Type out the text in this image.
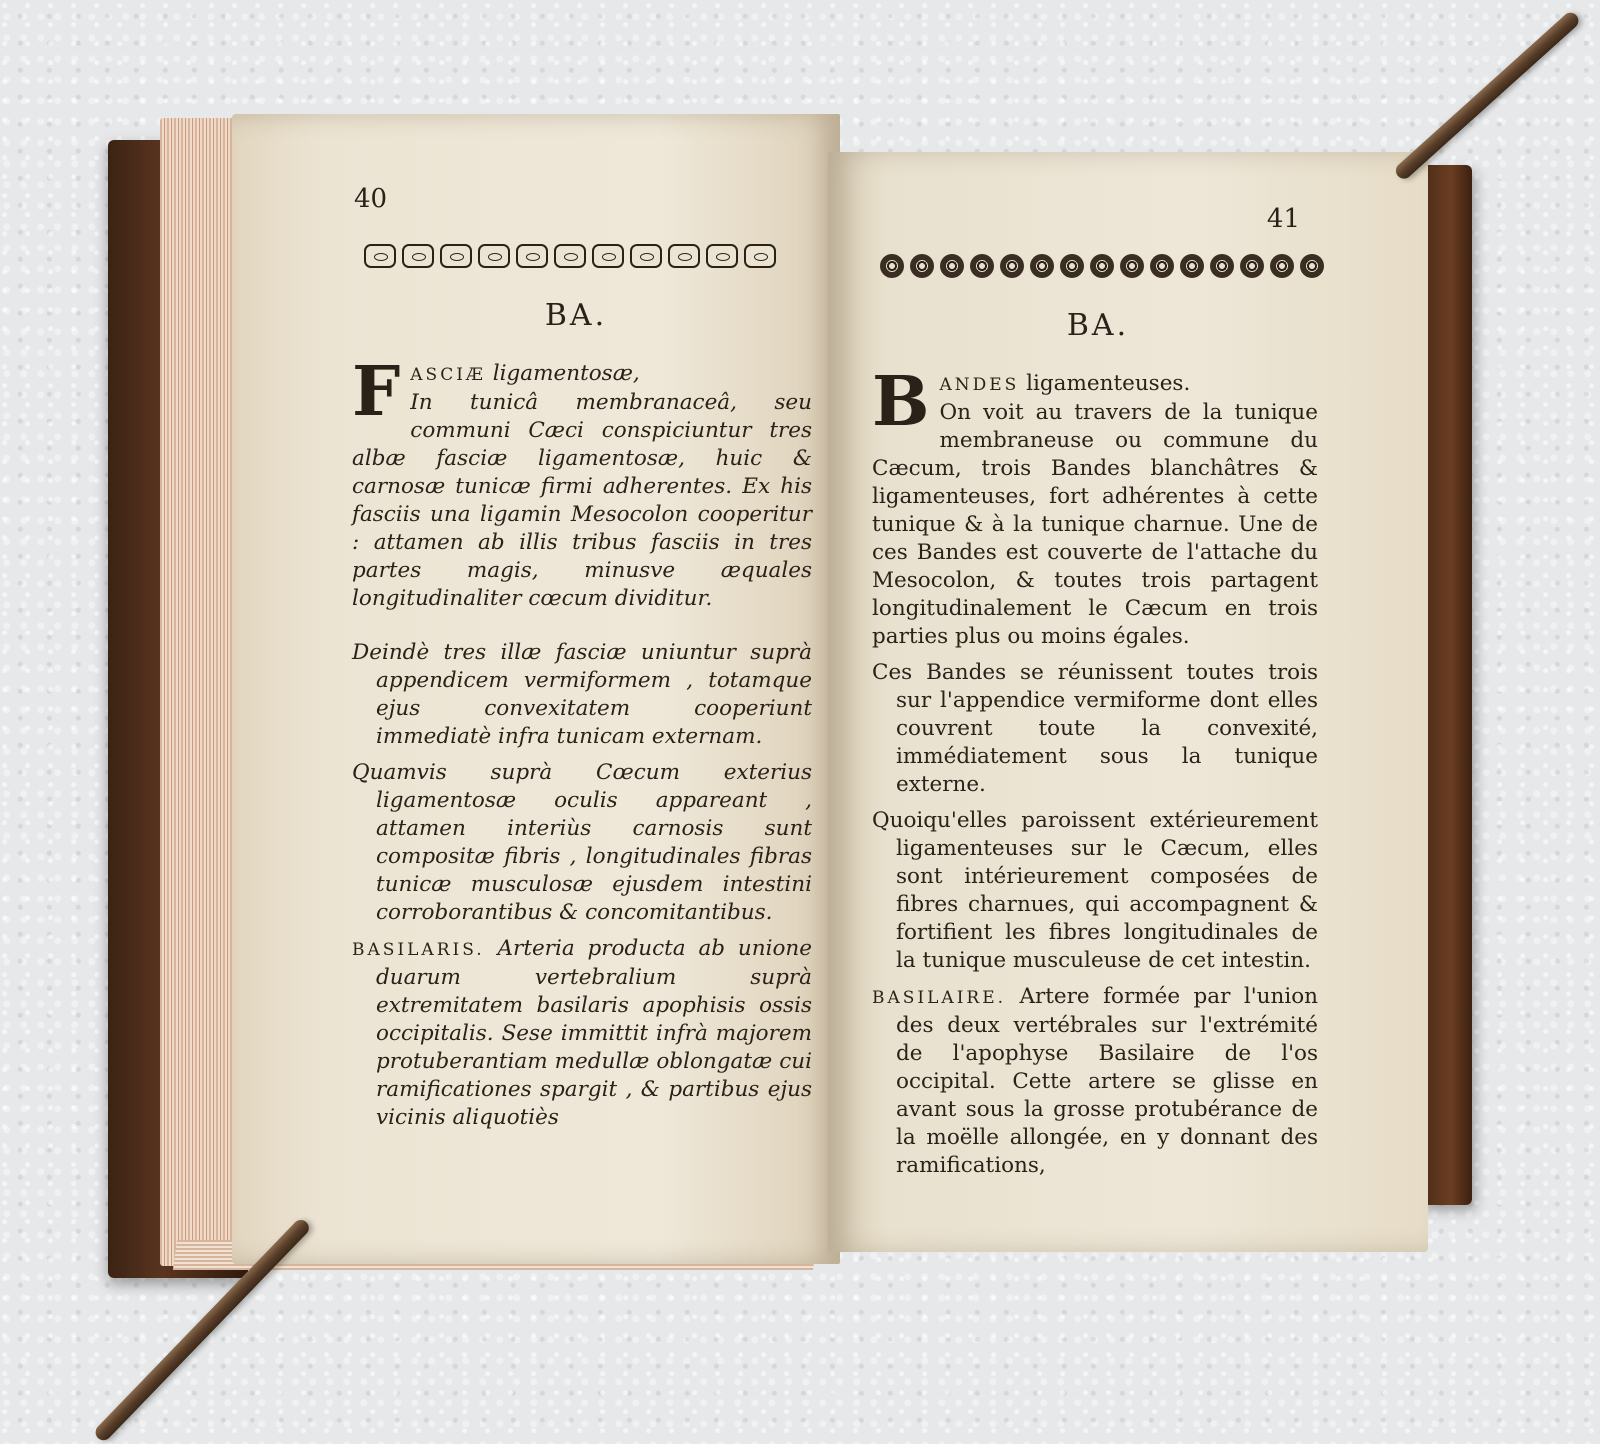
40
BA.

F ASCIÆ ligamentosæ,
In tunicâ membranaceâ, seu communi Cæci conspiciuntur tres albæ fasciæ ligamentosæ, huic & carnosæ tunicæ firmi adherentes. Ex his fasciis una ligamin Mesocolon cooperitur : attamen ab illis tribus fasciis in tres partes magis, minusve æquales longitudinaliter cœcum dividitur.

Deindè tres illæ fasciæ uniuntur suprà appendicem vermiformem , totamque ejus convexitatem cooperiunt immediatè infra tunicam externam.

Quamvis suprà Cœcum exterius ligamentosæ oculis appareant , attamen interiùs carnosis sunt compositæ fibris , longitudinales fibras tunicæ musculosæ ejusdem intestini corroborantibus & concomitantibus.

BASILARIS. Arteria producta ab unione duarum vertebralium suprà extremitatem basilaris apophisis ossis occipitalis. Sese immittit infrà majorem protuberantiam medullæ oblongatæ cui ramificationes spargit , & partibus ejus vicinis aliquotiès

41
BA.

B ANDES ligamenteuses.
On voit au travers de la tunique membraneuse ou commune du Cæcum, trois Bandes blanchâtres & ligamenteuses, fort adhérentes à cette tunique & à la tunique charnue. Une de ces Bandes est couverte de l'attache du Mesocolon, & toutes trois partagent longitudinalement le Cæcum en trois parties plus ou moins égales.

Ces Bandes se réunissent toutes trois sur l'appendice vermiforme dont elles couvrent toute la convexité, immédiatement sous la tunique externe.

Quoiqu'elles paroissent extérieurement ligamenteuses sur le Cæcum, elles sont intérieurement composées de fibres charnues, qui accompagnent & fortifient les fibres longitudinales de la tunique musculeuse de cet intestin.

BASILAIRE. Artere formée par l'union des deux vertébrales sur l'extrémité de l'apophyse Basilaire de l'os occipital. Cette artere se glisse en avant sous la grosse protubérance de la moëlle allongée, en y donnant des ramifications,
